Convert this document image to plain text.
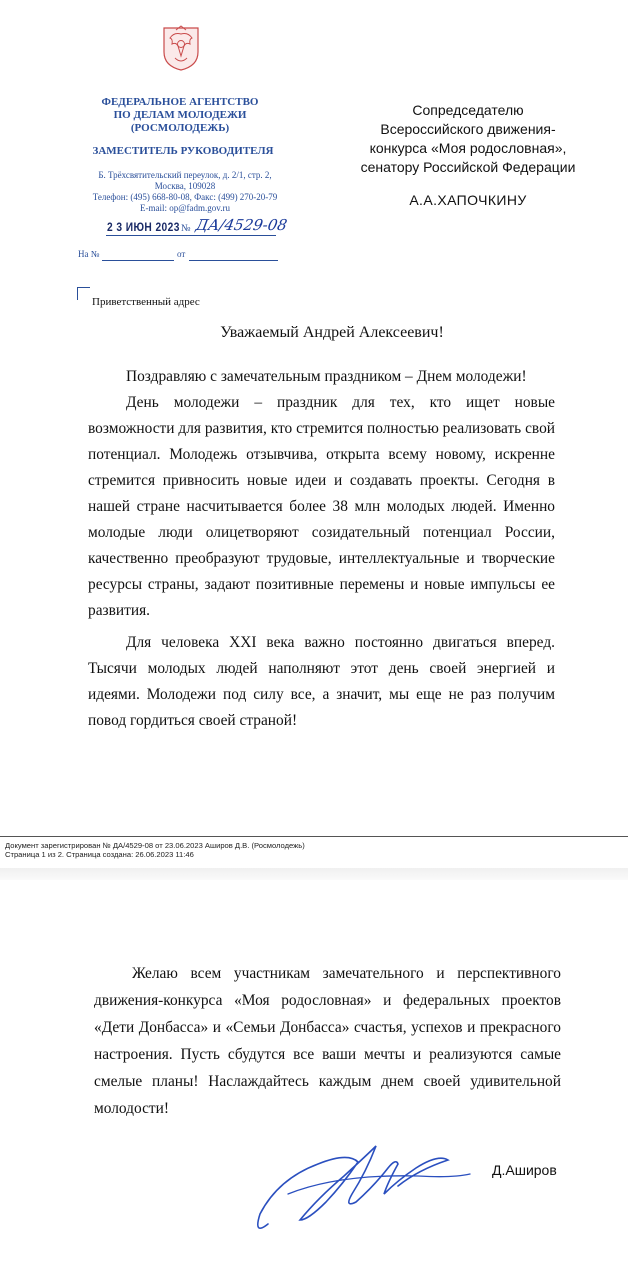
ФЕДЕРАЛЬНОЕ АГЕНТСТВО
ПО ДЕЛАМ МОЛОДЕЖИ
(РОСМОЛОДЕЖЬ)
ЗАМЕСТИТЕЛЬ РУКОВОДИТЕЛЯ
Б. Трёхсвятительский переулок, д. 2/1, стр. 2,
Москва, 109028
Телефон: (495) 668-80-08, Факс: (499) 270-20-79
E-mail: op@fadm.gov.ru
2 3 ИЮН 2023 № ДА/4529-08
На №	от
Приветственный адрес
Сопредседателю
Всероссийского движения-
конкурса «Моя родословная»,
сенатору Российской Федерации
А.А.ХАПОЧКИНУ
Уважаемый Андрей Алексеевич!
Поздравляю с замечательным праздником – Днем молодежи!
День молодежи – праздник для тех, кто ищет новые возможности для развития, кто стремится полностью реализовать свой потенциал. Молодежь отзывчива, открыта всему новому, искренне стремится привносить новые идеи и создавать проекты. Сегодня в нашей стране насчитывается более 38 млн молодых людей. Именно молодые люди олицетворяют созидательный потенциал России, качественно преобразуют трудовые, интеллектуальные и творческие ресурсы страны, задают позитивные перемены и новые импульсы ее развития.
Для человека XXI века важно постоянно двигаться вперед. Тысячи молодых людей наполняют этот день своей энергией и идеями. Молодежи под силу все, а значит, мы еще не раз получим повод гордиться своей страной!
Документ зарегистрирован № ДА/4529-08 от 23.06.2023 Аширов Д.В. (Росмолодежь)
Страница 1 из 2. Страница создана: 26.06.2023 11:46
Желаю всем участникам замечательного и перспективного движения-конкурса «Моя родословная» и федеральных проектов «Дети Донбасса» и «Семьи Донбасса» счастья, успехов и прекрасного настроения. Пусть сбудутся все ваши мечты и реализуются самые смелые планы! Наслаждайтесь каждым днем своей удивительной молодости!
Д.Аширов
